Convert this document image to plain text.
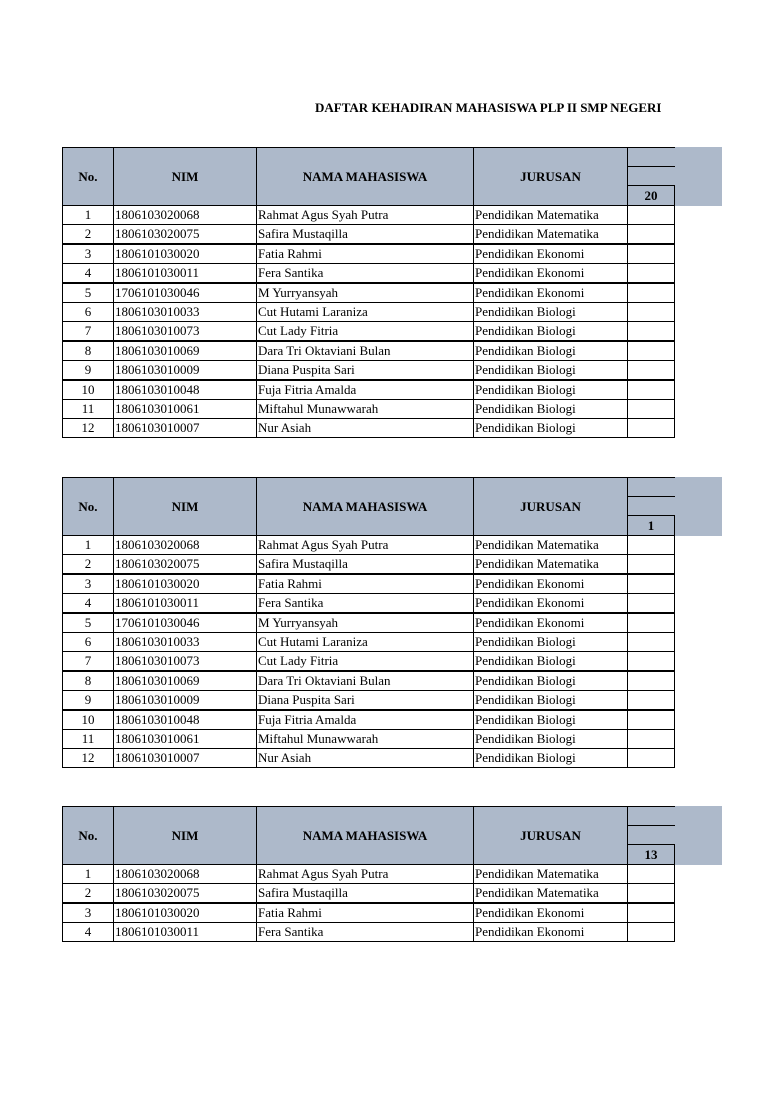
DAFTAR KEHADIRAN MAHASISWA PLP II SMP NEGERI
No.	NIM	NAMA MAHASISWA	JURUSAN
20
1	1806103020068	Rahmat Agus Syah Putra	Pendidikan Matematika
2	1806103020075	Safira Mustaqilla	Pendidikan Matematika
3	1806101030020	Fatia Rahmi	Pendidikan Ekonomi
4	1806101030011	Fera Santika	Pendidikan Ekonomi
5	1706101030046	M Yurryansyah	Pendidikan Ekonomi
6	1806103010033	Cut Hutami Laraniza	Pendidikan Biologi
7	1806103010073	Cut Lady Fitria	Pendidikan Biologi
8	1806103010069	Dara Tri Oktaviani Bulan	Pendidikan Biologi
9	1806103010009	Diana Puspita Sari	Pendidikan Biologi
10	1806103010048	Fuja Fitria Amalda	Pendidikan Biologi
11	1806103010061	Miftahul Munawwarah	Pendidikan Biologi
12	1806103010007	Nur Asiah	Pendidikan Biologi
No.	NIM	NAMA MAHASISWA	JURUSAN
1
1	1806103020068	Rahmat Agus Syah Putra	Pendidikan Matematika
2	1806103020075	Safira Mustaqilla	Pendidikan Matematika
3	1806101030020	Fatia Rahmi	Pendidikan Ekonomi
4	1806101030011	Fera Santika	Pendidikan Ekonomi
5	1706101030046	M Yurryansyah	Pendidikan Ekonomi
6	1806103010033	Cut Hutami Laraniza	Pendidikan Biologi
7	1806103010073	Cut Lady Fitria	Pendidikan Biologi
8	1806103010069	Dara Tri Oktaviani Bulan	Pendidikan Biologi
9	1806103010009	Diana Puspita Sari	Pendidikan Biologi
10	1806103010048	Fuja Fitria Amalda	Pendidikan Biologi
11	1806103010061	Miftahul Munawwarah	Pendidikan Biologi
12	1806103010007	Nur Asiah	Pendidikan Biologi
No.	NIM	NAMA MAHASISWA	JURUSAN
13
1	1806103020068	Rahmat Agus Syah Putra	Pendidikan Matematika
2	1806103020075	Safira Mustaqilla	Pendidikan Matematika
3	1806101030020	Fatia Rahmi	Pendidikan Ekonomi
4	1806101030011	Fera Santika	Pendidikan Ekonomi
